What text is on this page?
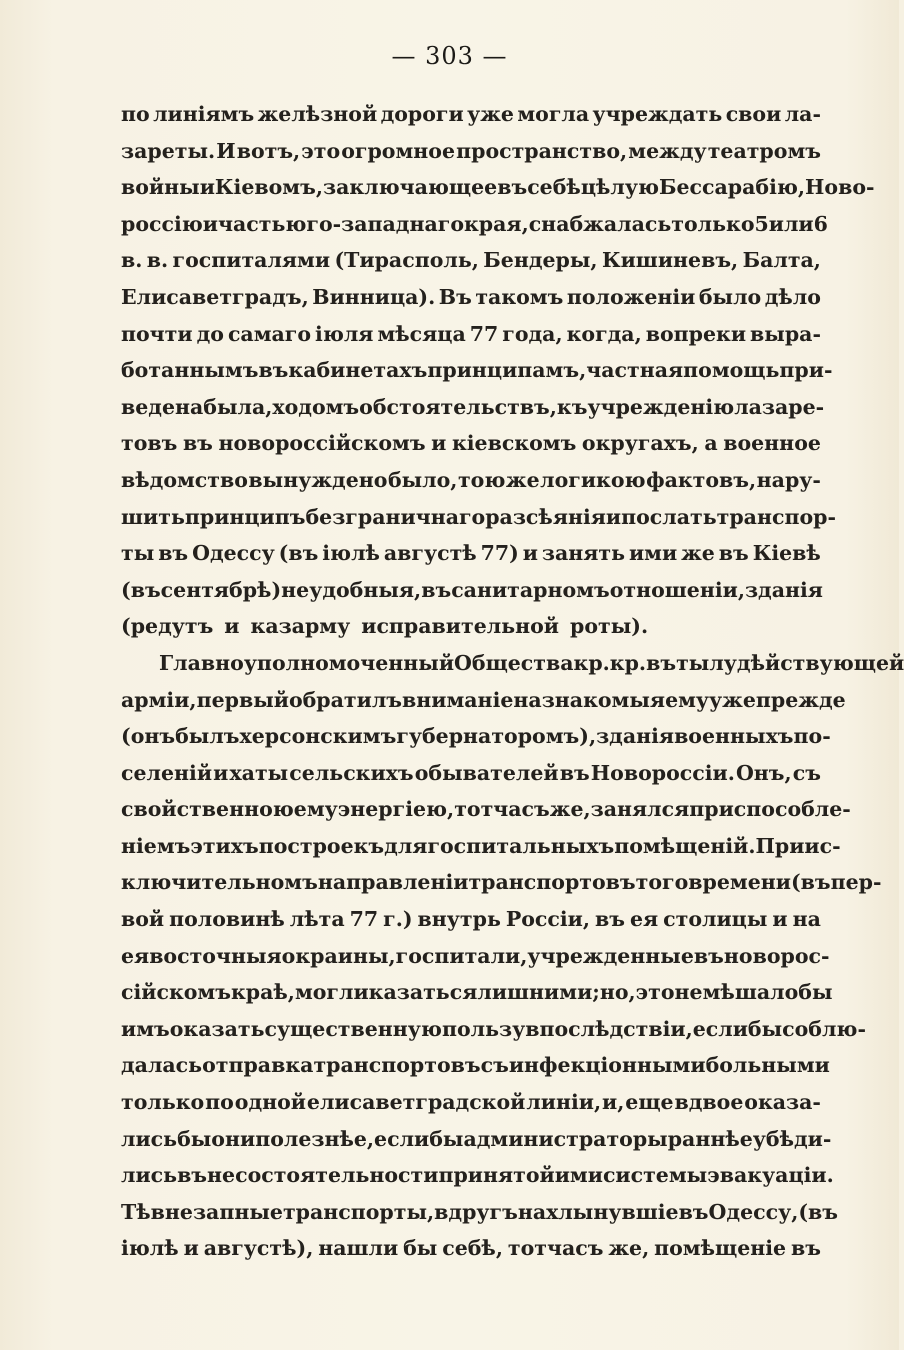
— 303 —
по линіямъ желѣзной дороги уже могла учреждать свои ла-
зареты. И вотъ, это огромное пространство, между театромъ
войны и Кіевомъ, заключающее въ себѣ цѣлую Бессарабію, Ново-
россію и часть юго-западнаго края, снабжалась только 5 или 6
в. в. госпиталями (Тирасполь, Бендеры, Кишиневъ, Балта,
Елисаветградъ, Винница). Въ такомъ положеніи было дѣло
почти до самаго іюля мѣсяца 77 года, когда, вопреки выра-
ботаннымъ въ кабинетахъ принципамъ, частная помощь при-
ведена была, ходомъ обстоятельствъ, къ учрежденію лазаре-
товъ въ новороссійскомъ и кіевскомъ округахъ, а военное
вѣдомство вынуждено было, тою же логикою фактовъ, нару-
шить принципъ безграничнаго разсѣянія и послать транспор-
ты въ Одессу (въ іюлѣ августѣ 77) и занять ими же въ Кіевѣ
(въ сентябрѣ) неудобныя, въ санитарномъ отношеніи, зданія
(редутъ и казарму исправительной роты).
Главноуполномоченный Общества кр. кр. въ тылу дѣйствующей
арміи, первый обратилъ вниманіе на знакомыя ему уже прежде
(онъ былъ херсонскимъ губернаторомъ), зданія военныхъ по-
селеній и хаты сельскихъ обывателей въ Новороссіи. Онъ, съ
свойственною ему энергіею, тотчасъ же, занялся приспособле-
ніемъ этихъ построекъ для госпитальныхъ помѣщеній. При ис-
ключительномъ направленіи транспортовъ того времени (въ пер-
вой половинѣ лѣта 77 г.) внутрь Россіи, въ ея столицы и на
ея восточныя окраины, госпитали, учрежденные въ новорос-
сійскомъ краѣ, могли казаться лишними; но, это не мѣшало бы
имъ оказать существенную пользу впослѣдствіи, если бы соблю-
далась отправка транспортовъ съ инфекціонными больными
только по одной елисаветградской линіи, и, еще вдвое оказа-
лись бы они полезнѣе, если бы администраторы раннѣе убѣди-
лись въ несостоятельности принятой ими системы эвакуаціи.
Тѣ внезапные транспорты, вдругъ нахлынувшіе въ Одессу, (въ
іюлѣ и августѣ), нашли бы себѣ, тотчасъ же, помѣщеніе въ
